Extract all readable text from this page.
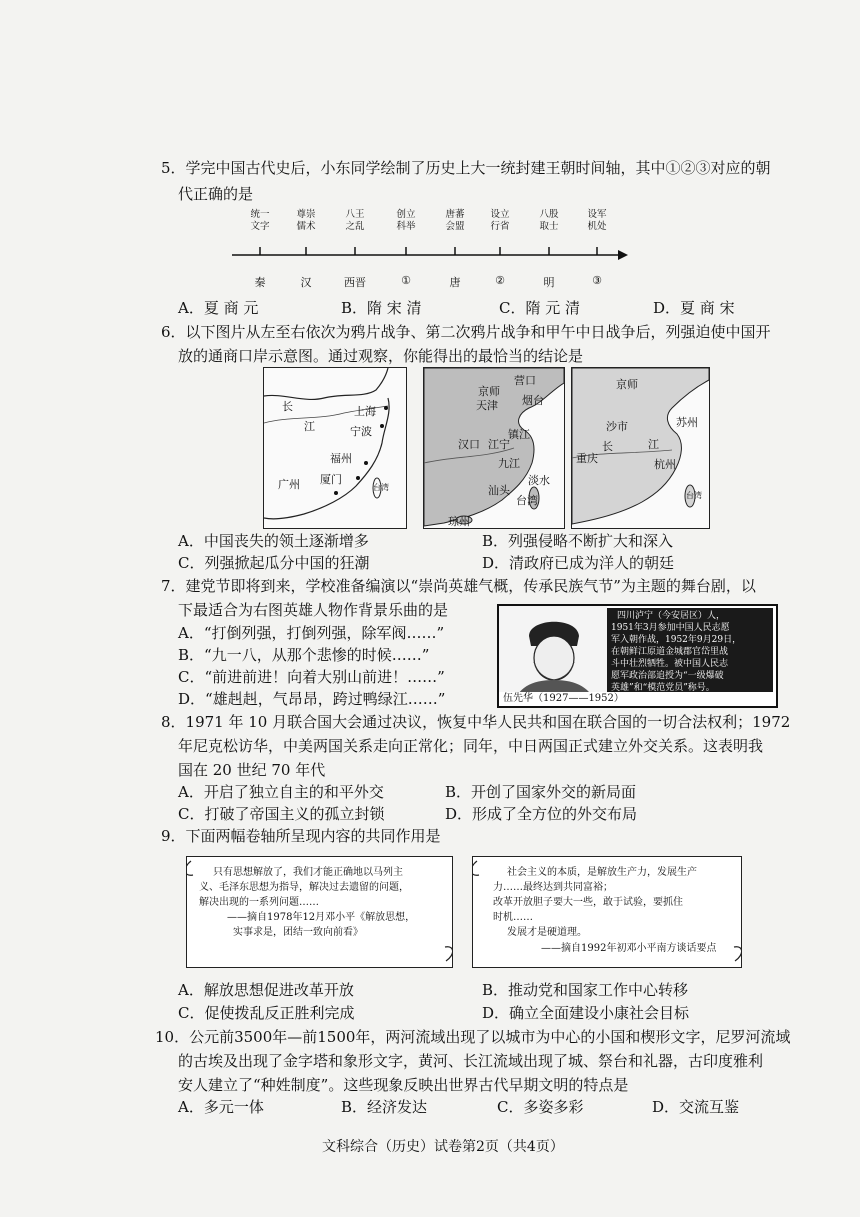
5．学完中国古代史后，小东同学绘制了历史上大一统封建王朝时间轴，其中①②③对应的朝
代正确的是
统一
文字
尊崇
儒术
八王
之乱
创立
科举
唐蕃
会盟
设立
行省
八股
取士
设军
机处
秦	汉	西晋	①	唐	②	明	③
A．夏 商 元	B．隋 宋 清	C．隋 元 清	D．夏 商 宋
6．以下图片从左至右依次为鸦片战争、第二次鸦片战争和甲午中日战争后，列强迫使中国开
放的通商口岸示意图。通过观察，你能得出的最恰当的结论是
长
江
上海
宁波
福州
厦门
广州	台湾
营口
京师
天津 烟台
镇江
汉口 江宁
九江
淡水
汕头
台湾
琼州
京师
沙市	苏州
长	江
重庆	杭州
台湾
A．中国丧失的领土逐渐增多	B．列强侵略不断扩大和深入
C．列强掀起瓜分中国的狂潮	D．清政府已成为洋人的朝廷
7．建党节即将到来，学校准备编演以“崇尚英雄气概，传承民族气节”为主题的舞台剧，以
下最适合为右图英雄人物作背景乐曲的是
A．“打倒列强，打倒列强，除军阀……”
B．“九一八，从那个悲惨的时候……”
C．“前进前进！向着大别山前进！……”
D．“雄赳赳，气昂昂，跨过鸭绿江……”
四川泸宁（今安居区）人，
1951年3月参加中国人民志愿
军入朝作战，1952年9月29日，
在朝鲜江原道金城郡官岱里战
斗中壮烈牺牲。被中国人民志
愿军政治部追授为“一级爆破
英雄”和“模范党员”称号。
伍先华（1927——1952）
8．1971 年 10 月联合国大会通过决议，恢复中华人民共和国在联合国的一切合法权利；1972
年尼克松访华，中美两国关系走向正常化；同年，中日两国正式建立外交关系。这表明我
国在 20 世纪 70 年代
A．开启了独立自主的和平外交	B．开创了国家外交的新局面
C．打破了帝国主义的孤立封锁	D．形成了全方位的外交布局
9．下面两幅卷轴所呈现内容的共同作用是
只有思想解放了，我们才能正确地以马列主
义、毛泽东思想为指导，解决过去遗留的问题，
解决出现的一系列问题……
——摘自1978年12月邓小平《解放思想，
实事求是，团结一致向前看》
社会主义的本质，是解放生产力，发展生产
力……最终达到共同富裕；
改革开放胆子要大一些，敢于试验，要抓住
时机……
发展才是硬道理。
——摘自1992年初邓小平南方谈话要点
A．解放思想促进改革开放	B．推动党和国家工作中心转移
C．促使拨乱反正胜利完成	D．确立全面建设小康社会目标
10．公元前3500年—前1500年，两河流域出现了以城市为中心的小国和楔形文字，尼罗河流域
的古埃及出现了金字塔和象形文字，黄河、长江流域出现了城、祭台和礼器，古印度雅利
安人建立了“种姓制度”。这些现象反映出世界古代早期文明的特点是
A．多元一体	B．经济发达	C．多姿多彩	D．交流互鉴
文科综合（历史）试卷第2页（共4页）
